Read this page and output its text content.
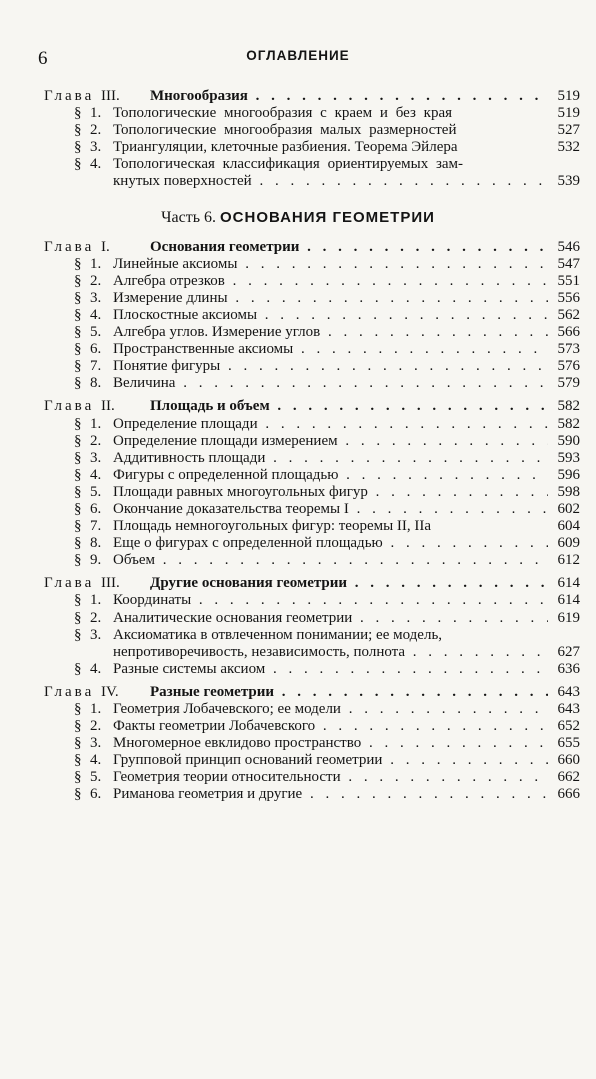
6	ОГЛАВЛЕНИЕ
Глава III. Многообразия . . .	519
§ 1. Топологические многообразия с краем и без края	519
§ 2. Топологические многообразия малых размерностей	527
§ 3. Триангуляции, клеточные разбиения. Теорема Эйлера	532
§ 4. Топологическая классификация ориентируемых зам-
кнутых поверхностей . . .	539
Часть 6. ОСНОВАНИЯ ГЕОМЕТРИИ
Глава I.	Основания геометрии . . .	546
§ 1. Линейные аксиомы . . .	547
§ 2. Алгебра отрезков . . .	551
§ 3. Измерение длины . . .	556
§ 4. Плоскостные аксиомы . . .	562
§ 5. Алгебра углов. Измерение углов . . .	566
§ 6. Пространственные аксиомы . . .	573
§ 7. Понятие фигуры . . .	576
§ 8. Величина . . .	579
Глава II. Площадь и объем . . .	582
§ 1. Определение площади . . .	582
§ 2. Определение площади измерением . . .	590
§ 3. Аддитивность площади . . .	593
§ 4. Фигуры с определенной площадью . . .	596
§ 5. Площади равных многоугольных фигур . . .	598
§ 6. Окончание доказательства теоремы I . . .	602
§ 7. Площадь немногоугольных фигур: теоремы II, IIa	604
§ 8. Еще о фигурах с определенной площадью . . .	609
§ 9. Объем . . .	612
Глава III. Другие основания геометрии . . .	614
§ 1. Координаты . . .	614
§ 2. Аналитические основания геометрии . . .	619
§ 3. Аксиоматика в отвлеченном понимании; ее модель,
непротиворечивость, независимость, полнота . . .	627
§ 4. Разные системы аксиом . . .	636
Глава IV. Разные геометрии . . .	643
§ 1. Геометрия Лобачевского; ее модели . . .	643
§ 2. Факты геометрии Лобачевского . . .	652
§ 3. Многомерное евклидово пространство . . .	655
§ 4. Групповой принцип оснований геометрии . . .	660
§ 5. Геометрия теории относительности . . .	662
§ 6. Риманова геометрия и другие . . .	666
